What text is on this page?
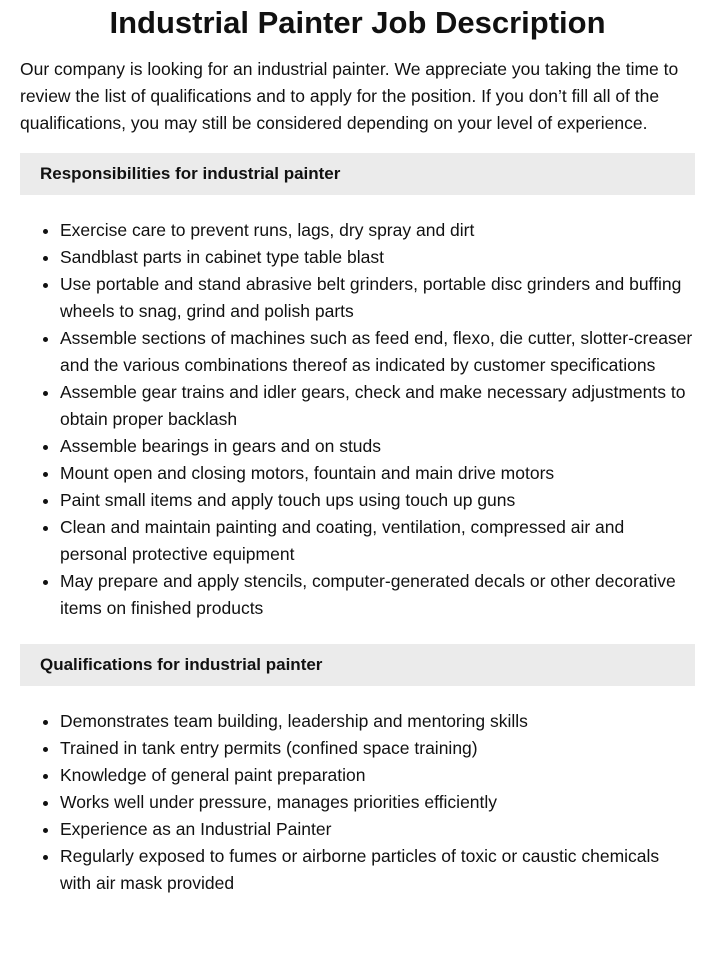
Industrial Painter Job Description

Our company is looking for an industrial painter. We appreciate you taking the time to review the list of qualifications and to apply for the position. If you don’t fill all of the qualifications, you may still be considered depending on your level of experience.

Responsibilities for industrial painter
• Exercise care to prevent runs, lags, dry spray and dirt
• Sandblast parts in cabinet type table blast
• Use portable and stand abrasive belt grinders, portable disc grinders and buffing wheels to snag, grind and polish parts
• Assemble sections of machines such as feed end, flexo, die cutter, slotter-creaser and the various combinations thereof as indicated by customer specifications
• Assemble gear trains and idler gears, check and make necessary adjustments to obtain proper backlash
• Assemble bearings in gears and on studs
• Mount open and closing motors, fountain and main drive motors
• Paint small items and apply touch ups using touch up guns
• Clean and maintain painting and coating, ventilation, compressed air and personal protective equipment
• May prepare and apply stencils, computer-generated decals or other decorative items on finished products
Qualifications for industrial painter
• Demonstrates team building, leadership and mentoring skills
• Trained in tank entry permits (confined space training)
• Knowledge of general paint preparation
• Works well under pressure, manages priorities efficiently
• Experience as an Industrial Painter
• Regularly exposed to fumes or airborne particles of toxic or caustic chemicals with air mask provided
